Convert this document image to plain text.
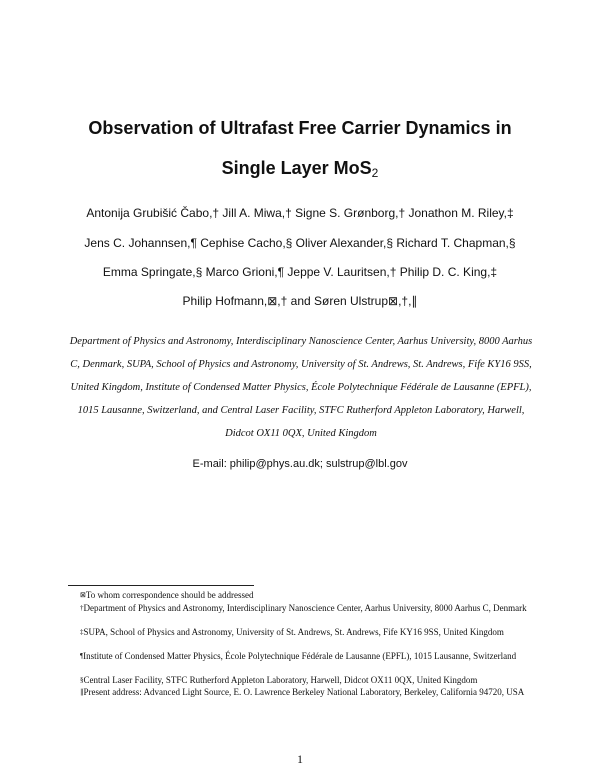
Observation of Ultrafast Free Carrier Dynamics in
Single Layer MoS$_2$
Antonija Grubišić Čabo,† Jill A. Miwa,† Signe S. Grønborg,† Jonathon M. Riley,‡
Jens C. Johannsen,¶ Cephise Cacho,§ Oliver Alexander,§ Richard T. Chapman,§
Emma Springate,§ Marco Grioni,¶ Jeppe V. Lauritsen,† Philip D. C. King,‡
Philip Hofmann,⊠,† and Søren Ulstrup⊠,†,∥
Department of Physics and Astronomy, Interdisciplinary Nanoscience Center, Aarhus University, 8000 Aarhus C, Denmark, SUPA, School of Physics and Astronomy, University of St. Andrews, St. Andrews, Fife KY16 9SS, United Kingdom, Institute of Condensed Matter Physics, École Polytechnique Fédérale de Lausanne (EPFL), 1015 Lausanne, Switzerland, and Central Laser Facility, STFC Rutherford Appleton Laboratory, Harwell, Didcot OX11 0QX, United Kingdom
E-mail: philip@phys.au.dk; sulstrup@lbl.gov
⊠To whom correspondence should be addressed
†Department of Physics and Astronomy, Interdisciplinary Nanoscience Center, Aarhus University, 8000 Aarhus C, Denmark
‡SUPA, School of Physics and Astronomy, University of St. Andrews, St. Andrews, Fife KY16 9SS, United Kingdom
¶Institute of Condensed Matter Physics, École Polytechnique Fédérale de Lausanne (EPFL), 1015 Lausanne, Switzerland
§Central Laser Facility, STFC Rutherford Appleton Laboratory, Harwell, Didcot OX11 0QX, United Kingdom
∥Present address: Advanced Light Source, E. O. Lawrence Berkeley National Laboratory, Berkeley, California 94720, USA
1
